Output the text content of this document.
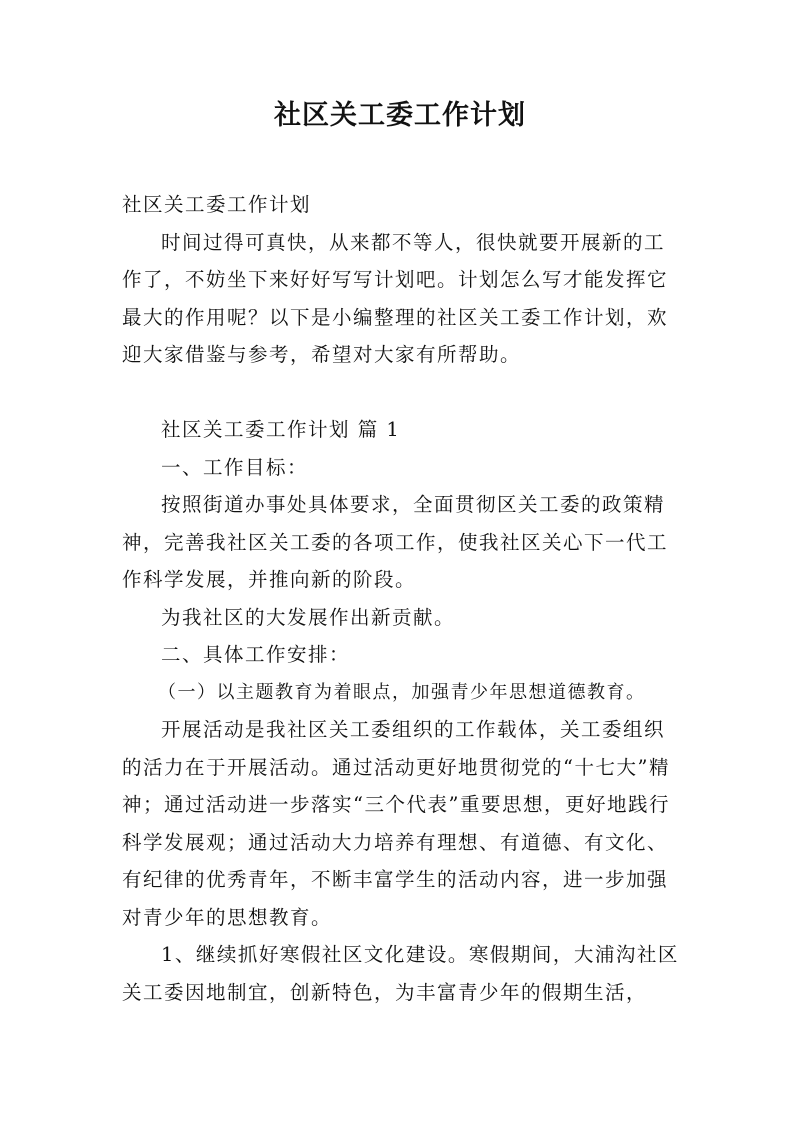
社区关工委工作计划

社区关工委工作计划

时间过得可真快，从来都不等人，很快就要开展新的工作了，不妨坐下来好好写写计划吧。计划怎么写才能发挥它最大的作用呢？以下是小编整理的社区关工委工作计划，欢迎大家借鉴与参考，希望对大家有所帮助。

社区关工委工作计划 篇 1

一、工作目标：

按照街道办事处具体要求，全面贯彻区关工委的政策精神，完善我社区关工委的各项工作，使我社区关心下一代工作科学发展，并推向新的阶段。

为我社区的大发展作出新贡献。

二、具体工作安排：

（一）以主题教育为着眼点，加强青少年思想道德教育。

开展活动是我社区关工委组织的工作载体，关工委组织的活力在于开展活动。通过活动更好地贯彻党的“十七大”精神；通过活动进一步落实“三个代表”重要思想，更好地践行科学发展观；通过活动大力培养有理想、有道德、有文化、有纪律的优秀青年，不断丰富学生的活动内容，进一步加强对青少年的思想教育。

1、继续抓好寒假社区文化建设。寒假期间，大浦沟社区关工委因地制宜，创新特色，为丰富青少年的假期生活，
